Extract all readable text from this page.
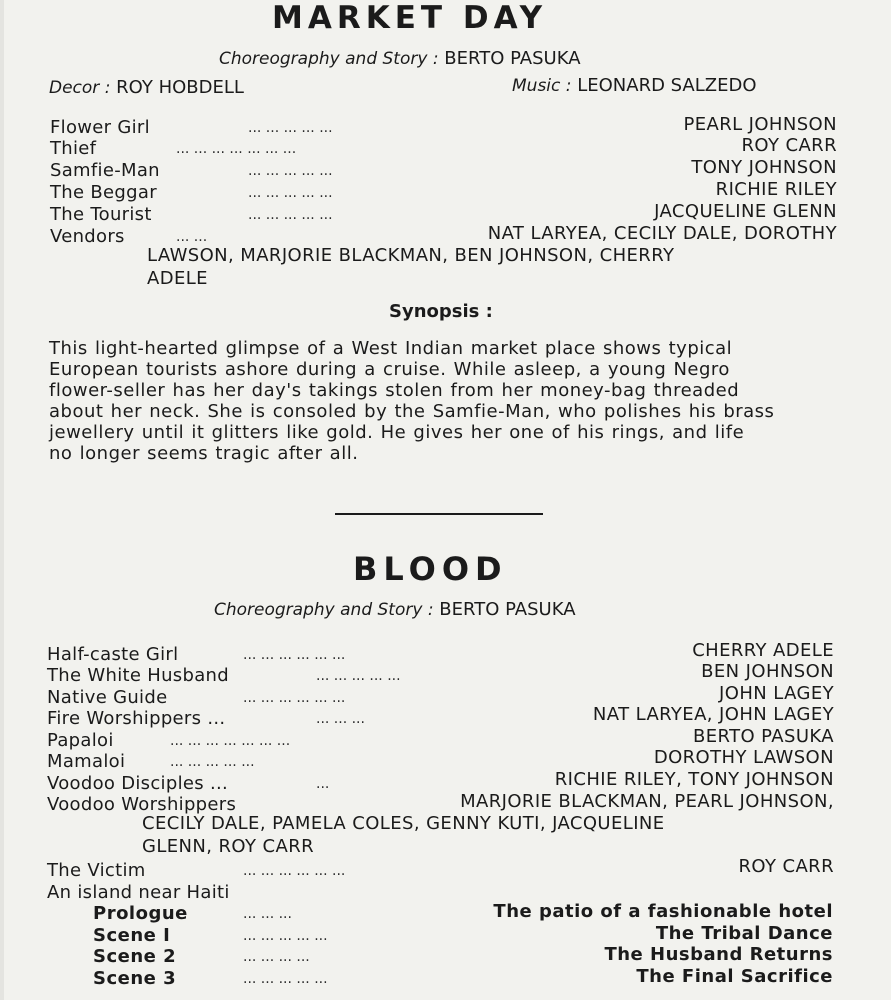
MARKET DAY
Choreography and Story : BERTO PASUKA
Decor : ROY HOBDELL	Music : LEONARD SALZEDO
Flower Girl	... ... ... ... ...	PEARL JOHNSON
Thief	... ... ... ... ... ... ...	ROY CARR
Samfie-Man	... ... ... ... ...	TONY JOHNSON
The Beggar	... ... ... ... ...	RICHIE RILEY
The Tourist	... ... ... ... ...	JACQUELINE GLENN
Vendors	... ...	NAT LARYEA, CECILY DALE, DOROTHY
LAWSON, MARJORIE BLACKMAN, BEN JOHNSON, CHERRY
ADELE
Synopsis :
This light-hearted glimpse of a West Indian market place shows typical
European tourists ashore during a cruise. While asleep, a young Negro
flower-seller has her day's takings stolen from her money-bag threaded
about her neck. She is consoled by the Samfie-Man, who polishes his brass
jewellery until it glitters like gold. He gives her one of his rings, and life
no longer seems tragic after all.
BLOOD
Choreography and Story : BERTO PASUKA
Half-caste Girl	... ... ... ... ... ...	CHERRY ADELE
The White Husband	... ... ... ... ...	BEN JOHNSON
Native Guide	... ... ... ... ... ...	JOHN LAGEY
Fire Worshippers ...	... ... ...	NAT LARYEA, JOHN LAGEY
Papaloi	... ... ... ... ... ... ...	BERTO PASUKA
Mamaloi	... ... ... ... ...	DOROTHY LAWSON
Voodoo Disciples ...	...	RICHIE RILEY, TONY JOHNSON
Voodoo Worshippers	MARJORIE BLACKMAN, PEARL JOHNSON,
CECILY DALE, PAMELA COLES, GENNY KUTI, JACQUELINE
GLENN, ROY CARR
The Victim	... ... ... ... ... ...	ROY CARR
An island near Haiti
Prologue	... ... ...	The patio of a fashionable hotel
Scene I	... ... ... ... ...	The Tribal Dance
Scene 2	... ... ... ...	The Husband Returns
Scene 3	... ... ... ... ...	The Final Sacrifice
